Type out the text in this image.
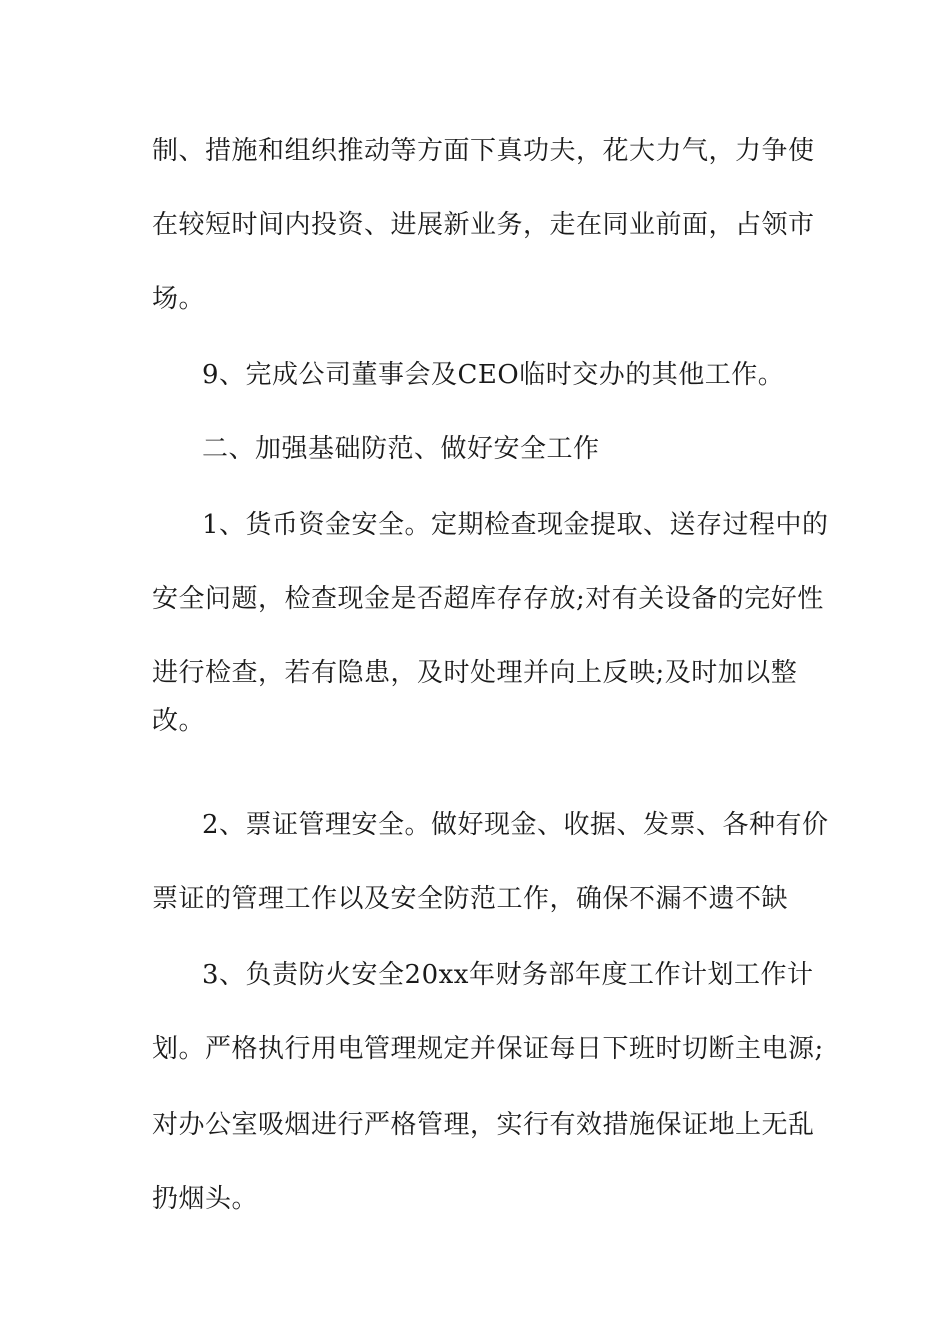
制、措施和组织推动等方面下真功夫，花大力气，力争使
在较短时间内投资、进展新业务，走在同业前面，占领市
场。
9、完成公司董事会及CEO临时交办的其他工作。
二、加强基础防范、做好安全工作
1、货币资金安全。定期检查现金提取、送存过程中的
安全问题，检查现金是否超库存存放;对有关设备的完好性
进行检查，若有隐患，及时处理并向上反映;及时加以整
改。
2、票证管理安全。做好现金、收据、发票、各种有价
票证的管理工作以及安全防范工作，确保不漏不遗不缺
3、负责防火安全20xx年财务部年度工作计划工作计
划。严格执行用电管理规定并保证每日下班时切断主电源;
对办公室吸烟进行严格管理，实行有效措施保证地上无乱
扔烟头。
